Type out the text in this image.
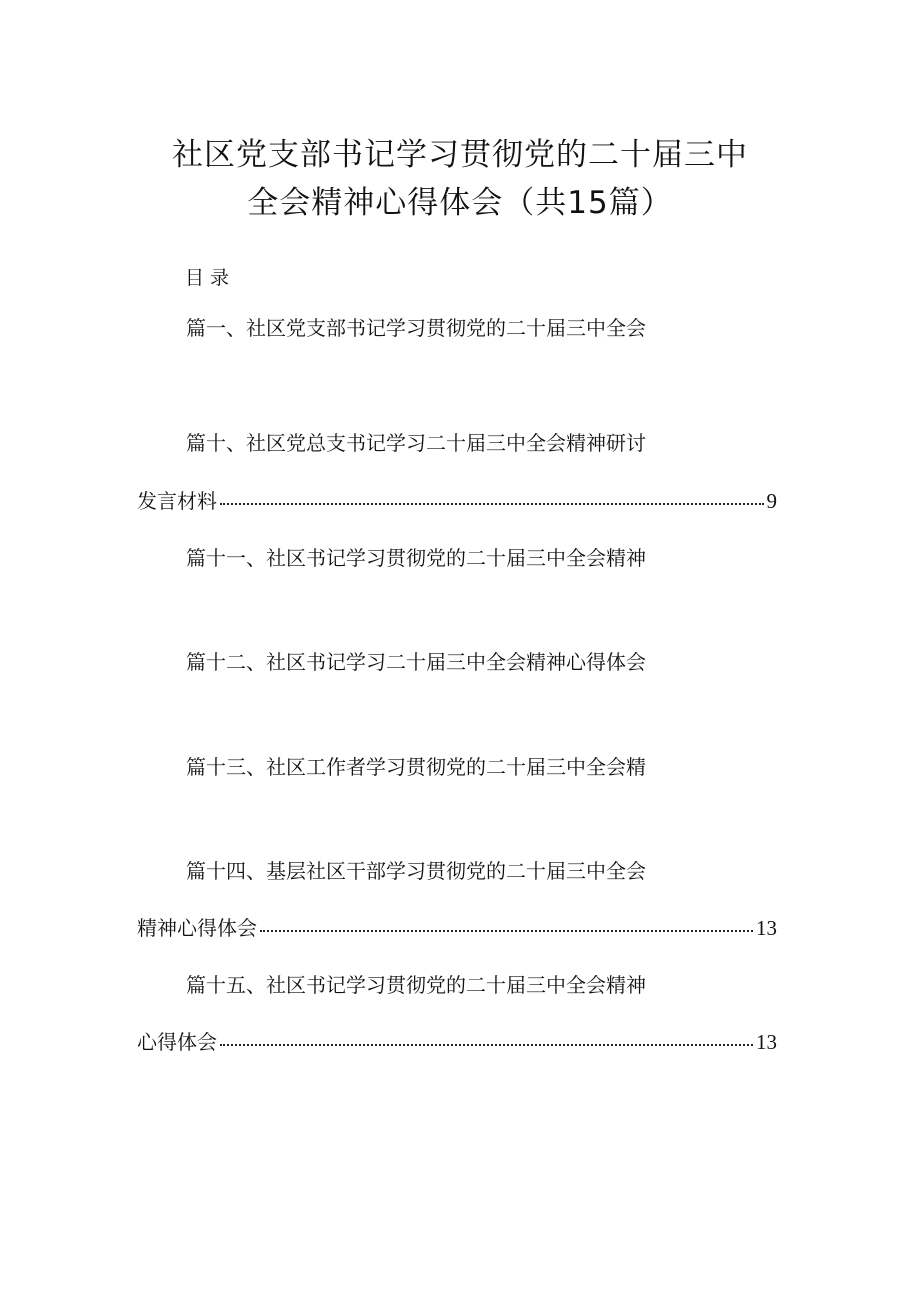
社区党支部书记学习贯彻党的二十届三中
全会精神心得体会（共15篇）
目录
篇一、社区党支部书记学习贯彻党的二十届三中全会
篇十、社区党总支书记学习二十届三中全会精神研讨
发言材料	9
篇十一、社区书记学习贯彻党的二十届三中全会精神
篇十二、社区书记学习二十届三中全会精神心得体会
篇十三、社区工作者学习贯彻党的二十届三中全会精
篇十四、基层社区干部学习贯彻党的二十届三中全会
精神心得体会	13
篇十五、社区书记学习贯彻党的二十届三中全会精神
心得体会	13
